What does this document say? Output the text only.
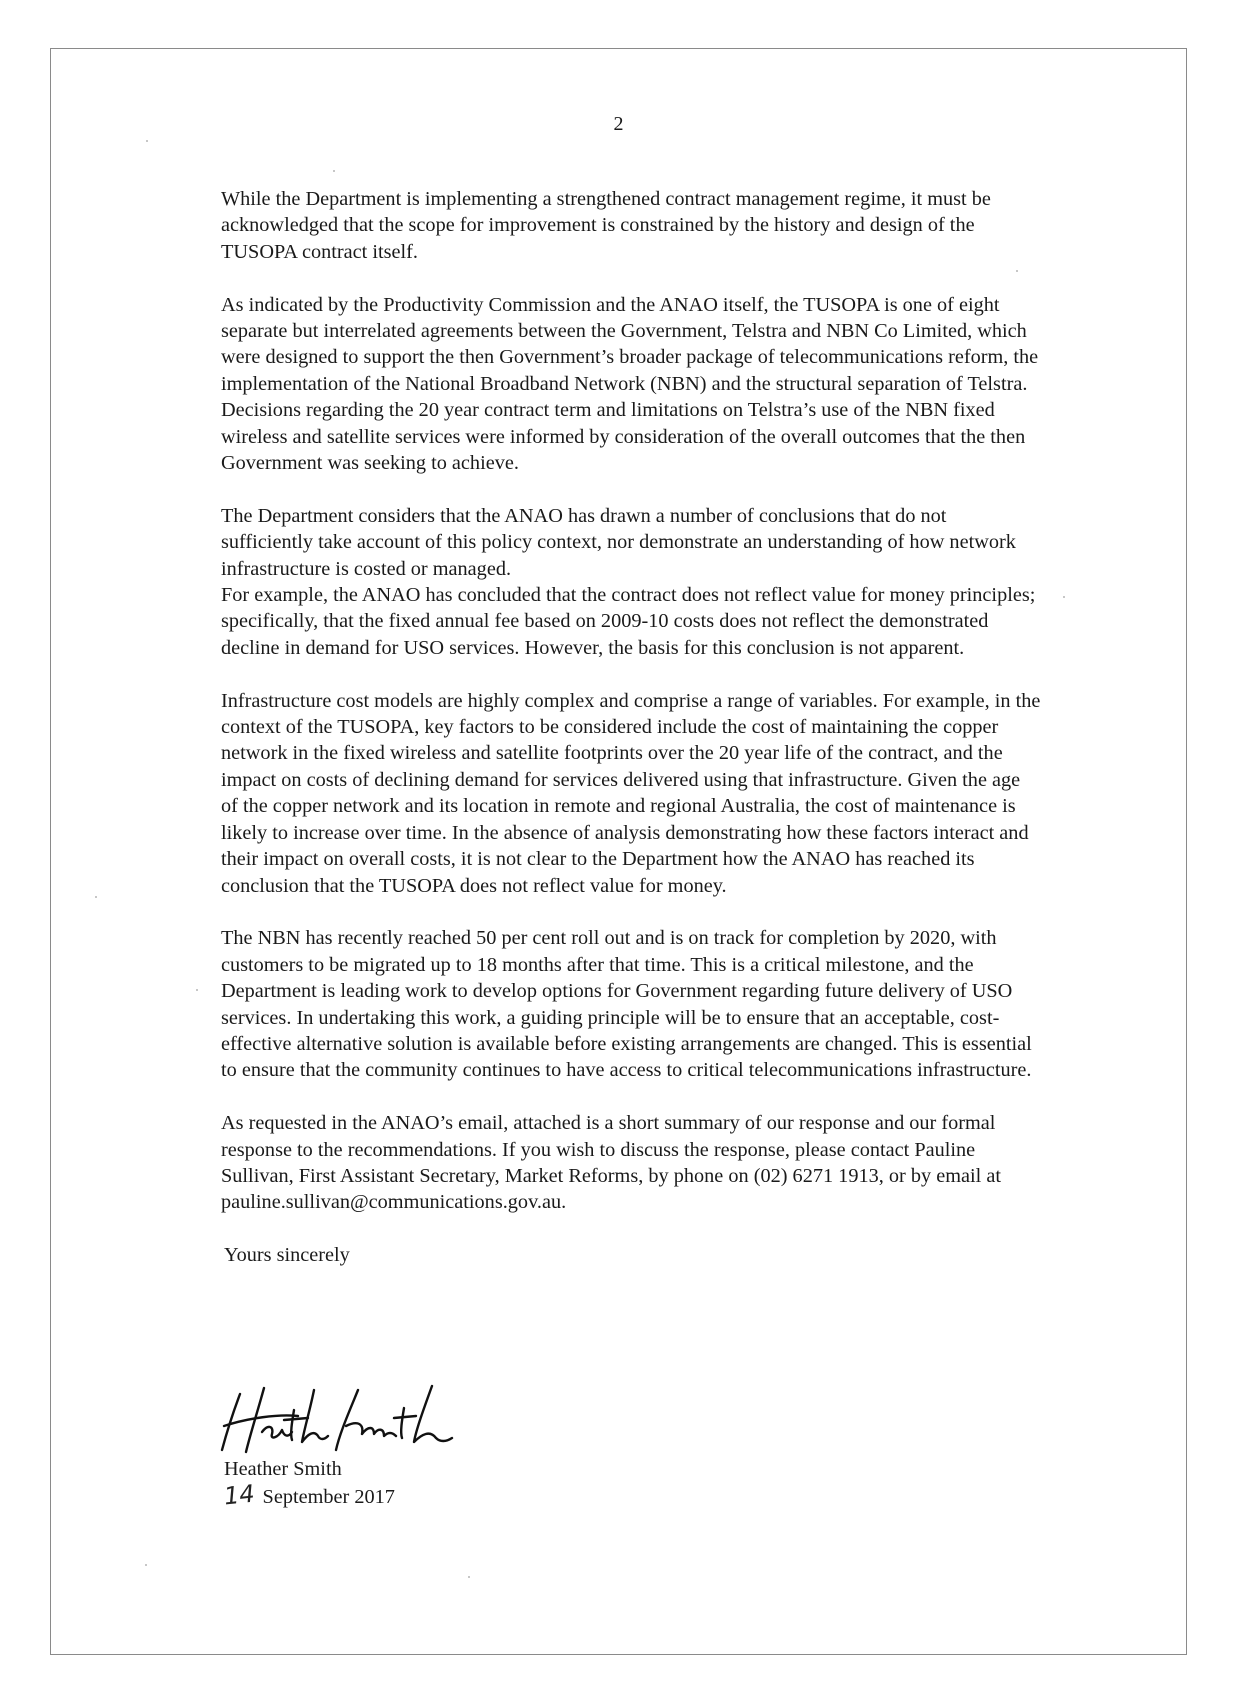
2

While the Department is implementing a strengthened contract management regime, it must be acknowledged that the scope for improvement is constrained by the history and design of the TUSOPA contract itself.

As indicated by the Productivity Commission and the ANAO itself, the TUSOPA is one of eight separate but interrelated agreements between the Government, Telstra and NBN Co Limited, which were designed to support the then Government’s broader package of telecommunications reform, the implementation of the National Broadband Network (NBN) and the structural separation of Telstra. Decisions regarding the 20 year contract term and limitations on Telstra’s use of the NBN fixed wireless and satellite services were informed by consideration of the overall outcomes that the then Government was seeking to achieve.

The Department considers that the ANAO has drawn a number of conclusions that do not sufficiently take account of this policy context, nor demonstrate an understanding of how network infrastructure is costed or managed.

For example, the ANAO has concluded that the contract does not reflect value for money principles; specifically, that the fixed annual fee based on 2009-10 costs does not reflect the demonstrated decline in demand for USO services. However, the basis for this conclusion is not apparent.

Infrastructure cost models are highly complex and comprise a range of variables. For example, in the context of the TUSOPA, key factors to be considered include the cost of maintaining the copper network in the fixed wireless and satellite footprints over the 20 year life of the contract, and the impact on costs of declining demand for services delivered using that infrastructure. Given the age of the copper network and its location in remote and regional Australia, the cost of maintenance is likely to increase over time. In the absence of analysis demonstrating how these factors interact and their impact on overall costs, it is not clear to the Department how the ANAO has reached its conclusion that the TUSOPA does not reflect value for money.

The NBN has recently reached 50 per cent roll out and is on track for completion by 2020, with customers to be migrated up to 18 months after that time. This is a critical milestone, and the Department is leading work to develop options for Government regarding future delivery of USO services. In undertaking this work, a guiding principle will be to ensure that an acceptable, cost-effective alternative solution is available before existing arrangements are changed. This is essential to ensure that the community continues to have access to critical telecommunications infrastructure.

As requested in the ANAO’s email, attached is a short summary of our response and our formal response to the recommendations. If you wish to discuss the response, please contact Pauline Sullivan, First Assistant Secretary, Market Reforms, by phone on (02) 6271 1913, or by email at pauline.sullivan@communications.gov.au.

Yours sincerely

Heather Smith
14 September 2017
